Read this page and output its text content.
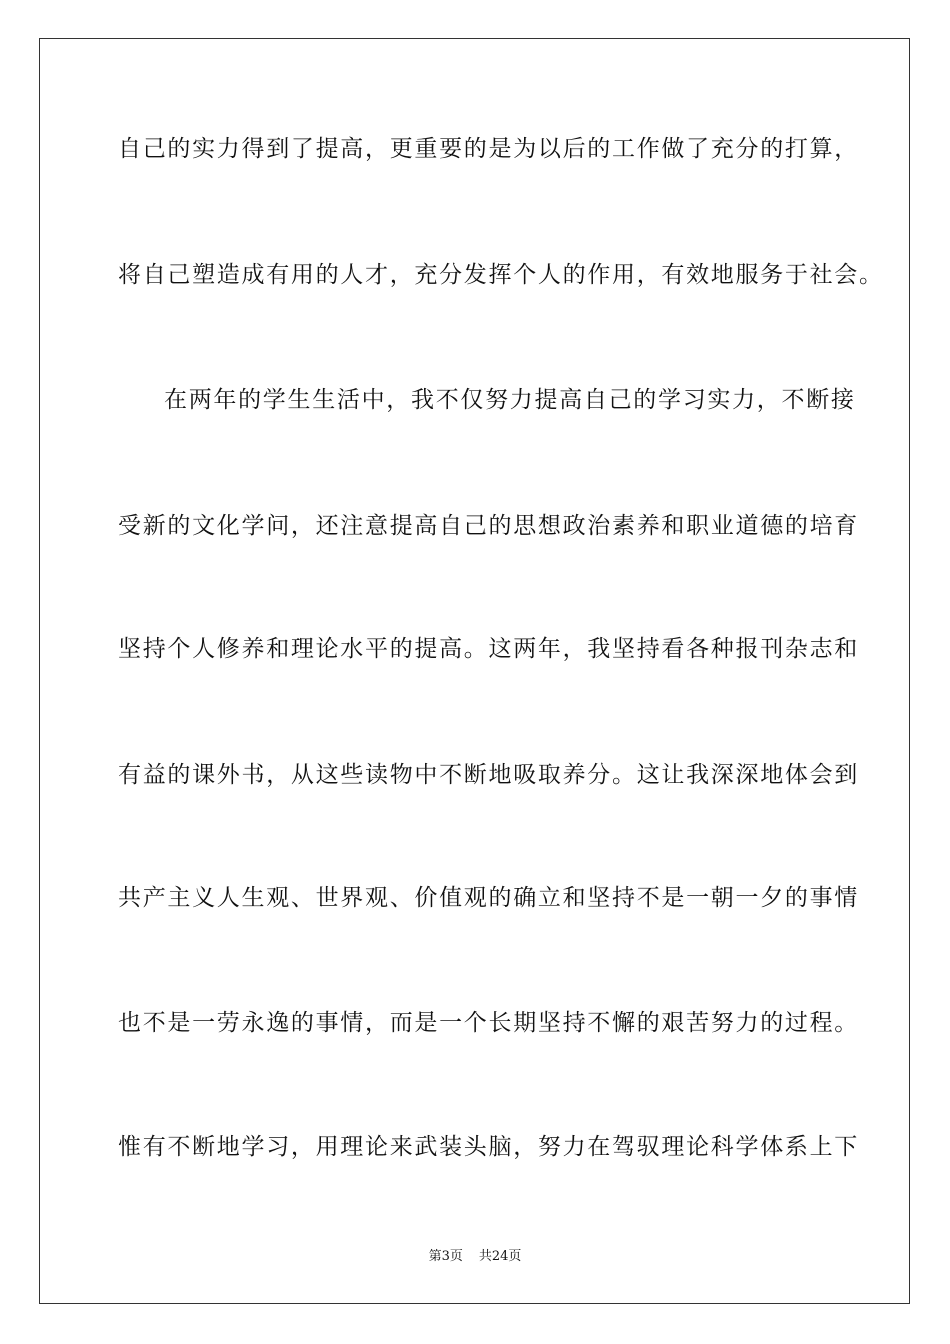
自己的实力得到了提高，更重要的是为以后的工作做了充分的打算，
将自己塑造成有用的人才，充分发挥个人的作用，有效地服务于社会。
在两年的学生生活中，我不仅努力提高自己的学习实力，不断接
受新的文化学问，还注意提高自己的思想政治素养和职业道德的培育
坚持个人修养和理论水平的提高。这两年，我坚持看各种报刊杂志和
有益的课外书，从这些读物中不断地吸取养分。这让我深深地体会到
共产主义人生观、世界观、价值观的确立和坚持不是一朝一夕的事情
也不是一劳永逸的事情，而是一个长期坚持不懈的艰苦努力的过程。
惟有不断地学习，用理论来武装头脑，努力在驾驭理论科学体系上下
第3页 共24页
